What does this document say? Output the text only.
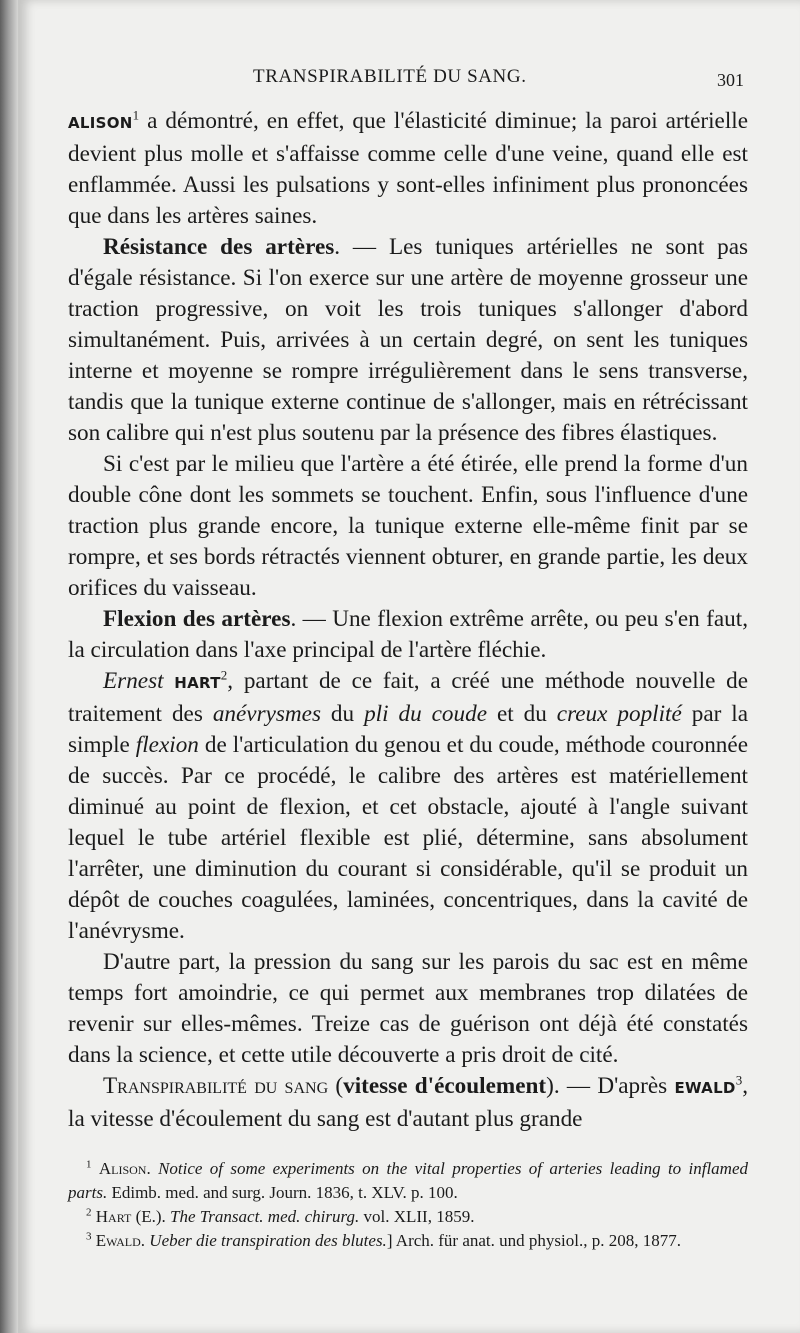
TRANSPIRABILITÉ DU SANG.	301

ALISON$^1$ a démontré, en effet, que l'élasticité diminue; la paroi artérielle devient plus molle et s'affaisse comme celle d'une veine, quand elle est enflammée. Aussi les pulsations y sont-elles infiniment plus prononcées que dans les artères saines.

Résistance des artères. — Les tuniques artérielles ne sont pas d'égale résistance. Si l'on exerce sur une artère de moyenne grosseur une traction progressive, on voit les trois tuniques s'allonger d'abord simultanément. Puis, arrivées à un certain degré, on sent les tuniques interne et moyenne se rompre irrégulièrement dans le sens transverse, tandis que la tunique externe continue de s'allonger, mais en rétrécissant son calibre qui n'est plus soutenu par la présence des fibres élastiques.

Si c'est par le milieu que l'artère a été étirée, elle prend la forme d'un double cône dont les sommets se touchent. Enfin, sous l'influence d'une traction plus grande encore, la tunique externe elle-même finit par se rompre, et ses bords rétractés viennent obturer, en grande partie, les deux orifices du vaisseau.

Flexion des artères. — Une flexion extrême arrête, ou peu s'en faut, la circulation dans l'axe principal de l'artère fléchie.

Ernest HART$^2$, partant de ce fait, a créé une méthode nouvelle de traitement des anévrysmes du pli du coude et du creux poplité par la simple flexion de l'articulation du genou et du coude, méthode couronnée de succès. Par ce procédé, le calibre des artères est matériellement diminué au point de flexion, et cet obstacle, ajouté à l'angle suivant lequel le tube artériel flexible est plié, détermine, sans absolument l'arrêter, une diminution du courant si considérable, qu'il se produit un dépôt de couches coagulées, laminées, concentriques, dans la cavité de l'anévrysme.

D'autre part, la pression du sang sur les parois du sac est en même temps fort amoindrie, ce qui permet aux membranes trop dilatées de revenir sur elles-mêmes. Treize cas de guérison ont déjà été constatés dans la science, et cette utile découverte a pris droit de cité.

Transpirabilité du sang (vitesse d'écoulement). — D'après EWALD$^3$, la vitesse d'écoulement du sang est d'autant plus grande

$^1$ Alison. Notice of some experiments on the vital properties of arteries leading to inflamed parts. Edimb. med. and surg. Journ. 1836, t. XLV. p. 100.

$^2$ Hart (E.). The Transact. med. chirurg. vol. XLII, 1859.

$^3$ Ewald. Ueber die transpiration des blutes.] Arch. für anat. und physiol., p. 208, 1877.
